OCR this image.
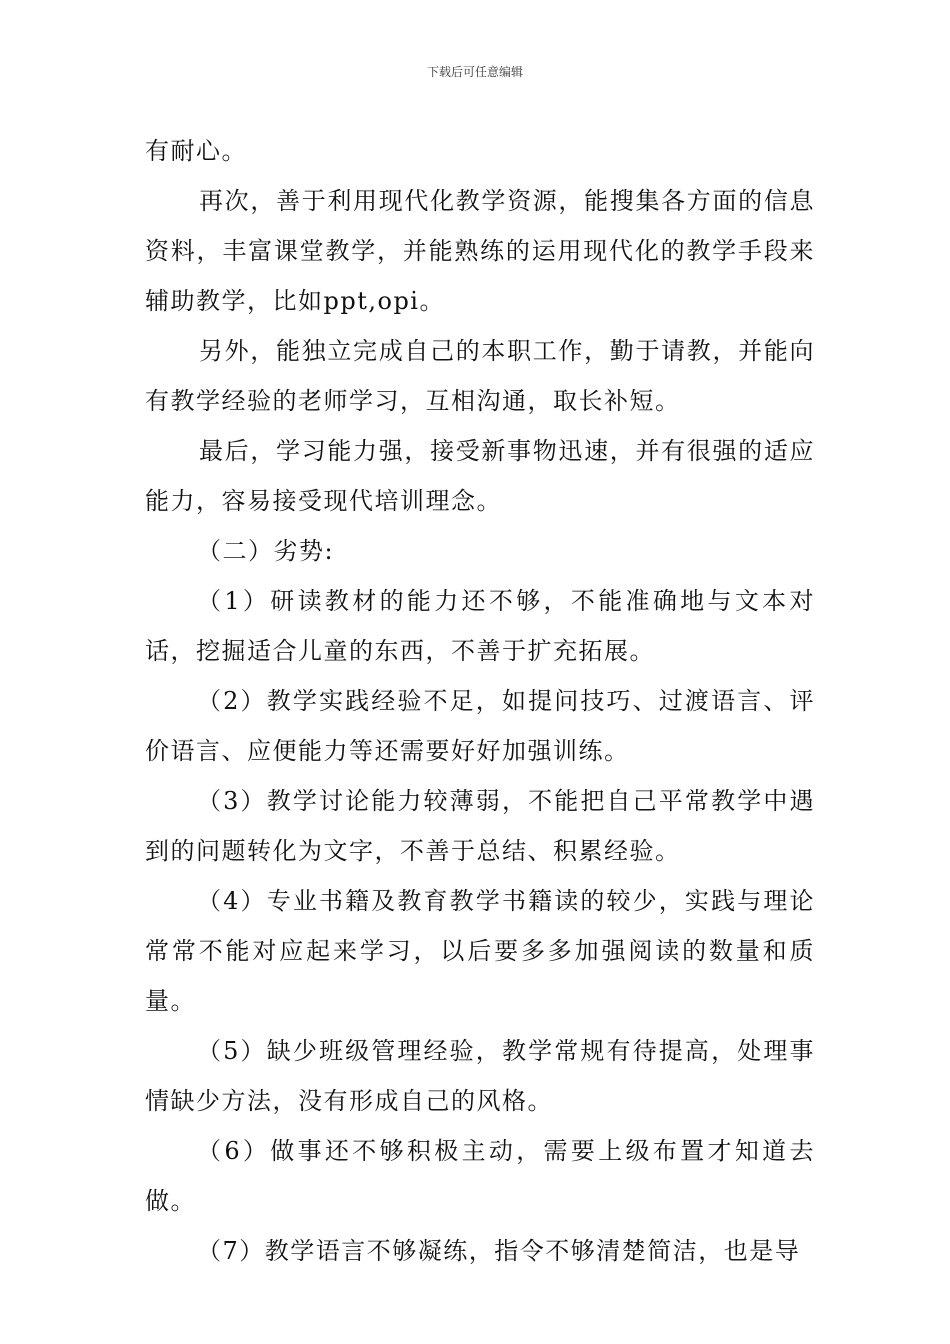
下载后可任意编辑

有耐心。

再次，善于利用现代化教学资源，能搜集各方面的信息资料，丰富课堂教学，并能熟练的运用现代化的教学手段来辅助教学，比如ppt,opi。

另外，能独立完成自己的本职工作，勤于请教，并能向有教学经验的老师学习，互相沟通，取长补短。

最后，学习能力强，接受新事物迅速，并有很强的适应能力，容易接受现代培训理念。

（二）劣势:

（1）研读教材的能力还不够，不能准确地与文本对话，挖掘适合儿童的东西，不善于扩充拓展。

（2）教学实践经验不足，如提问技巧、过渡语言、评价语言、应便能力等还需要好好加强训练。

（3）教学讨论能力较薄弱，不能把自己平常教学中遇到的问题转化为文字，不善于总结、积累经验。

（4）专业书籍及教育教学书籍读的较少，实践与理论常常不能对应起来学习，以后要多多加强阅读的数量和质量。

（5）缺少班级管理经验，教学常规有待提高，处理事情缺少方法，没有形成自己的风格。

（6）做事还不够积极主动，需要上级布置才知道去做。

（7）教学语言不够凝练，指令不够清楚简洁，也是导
